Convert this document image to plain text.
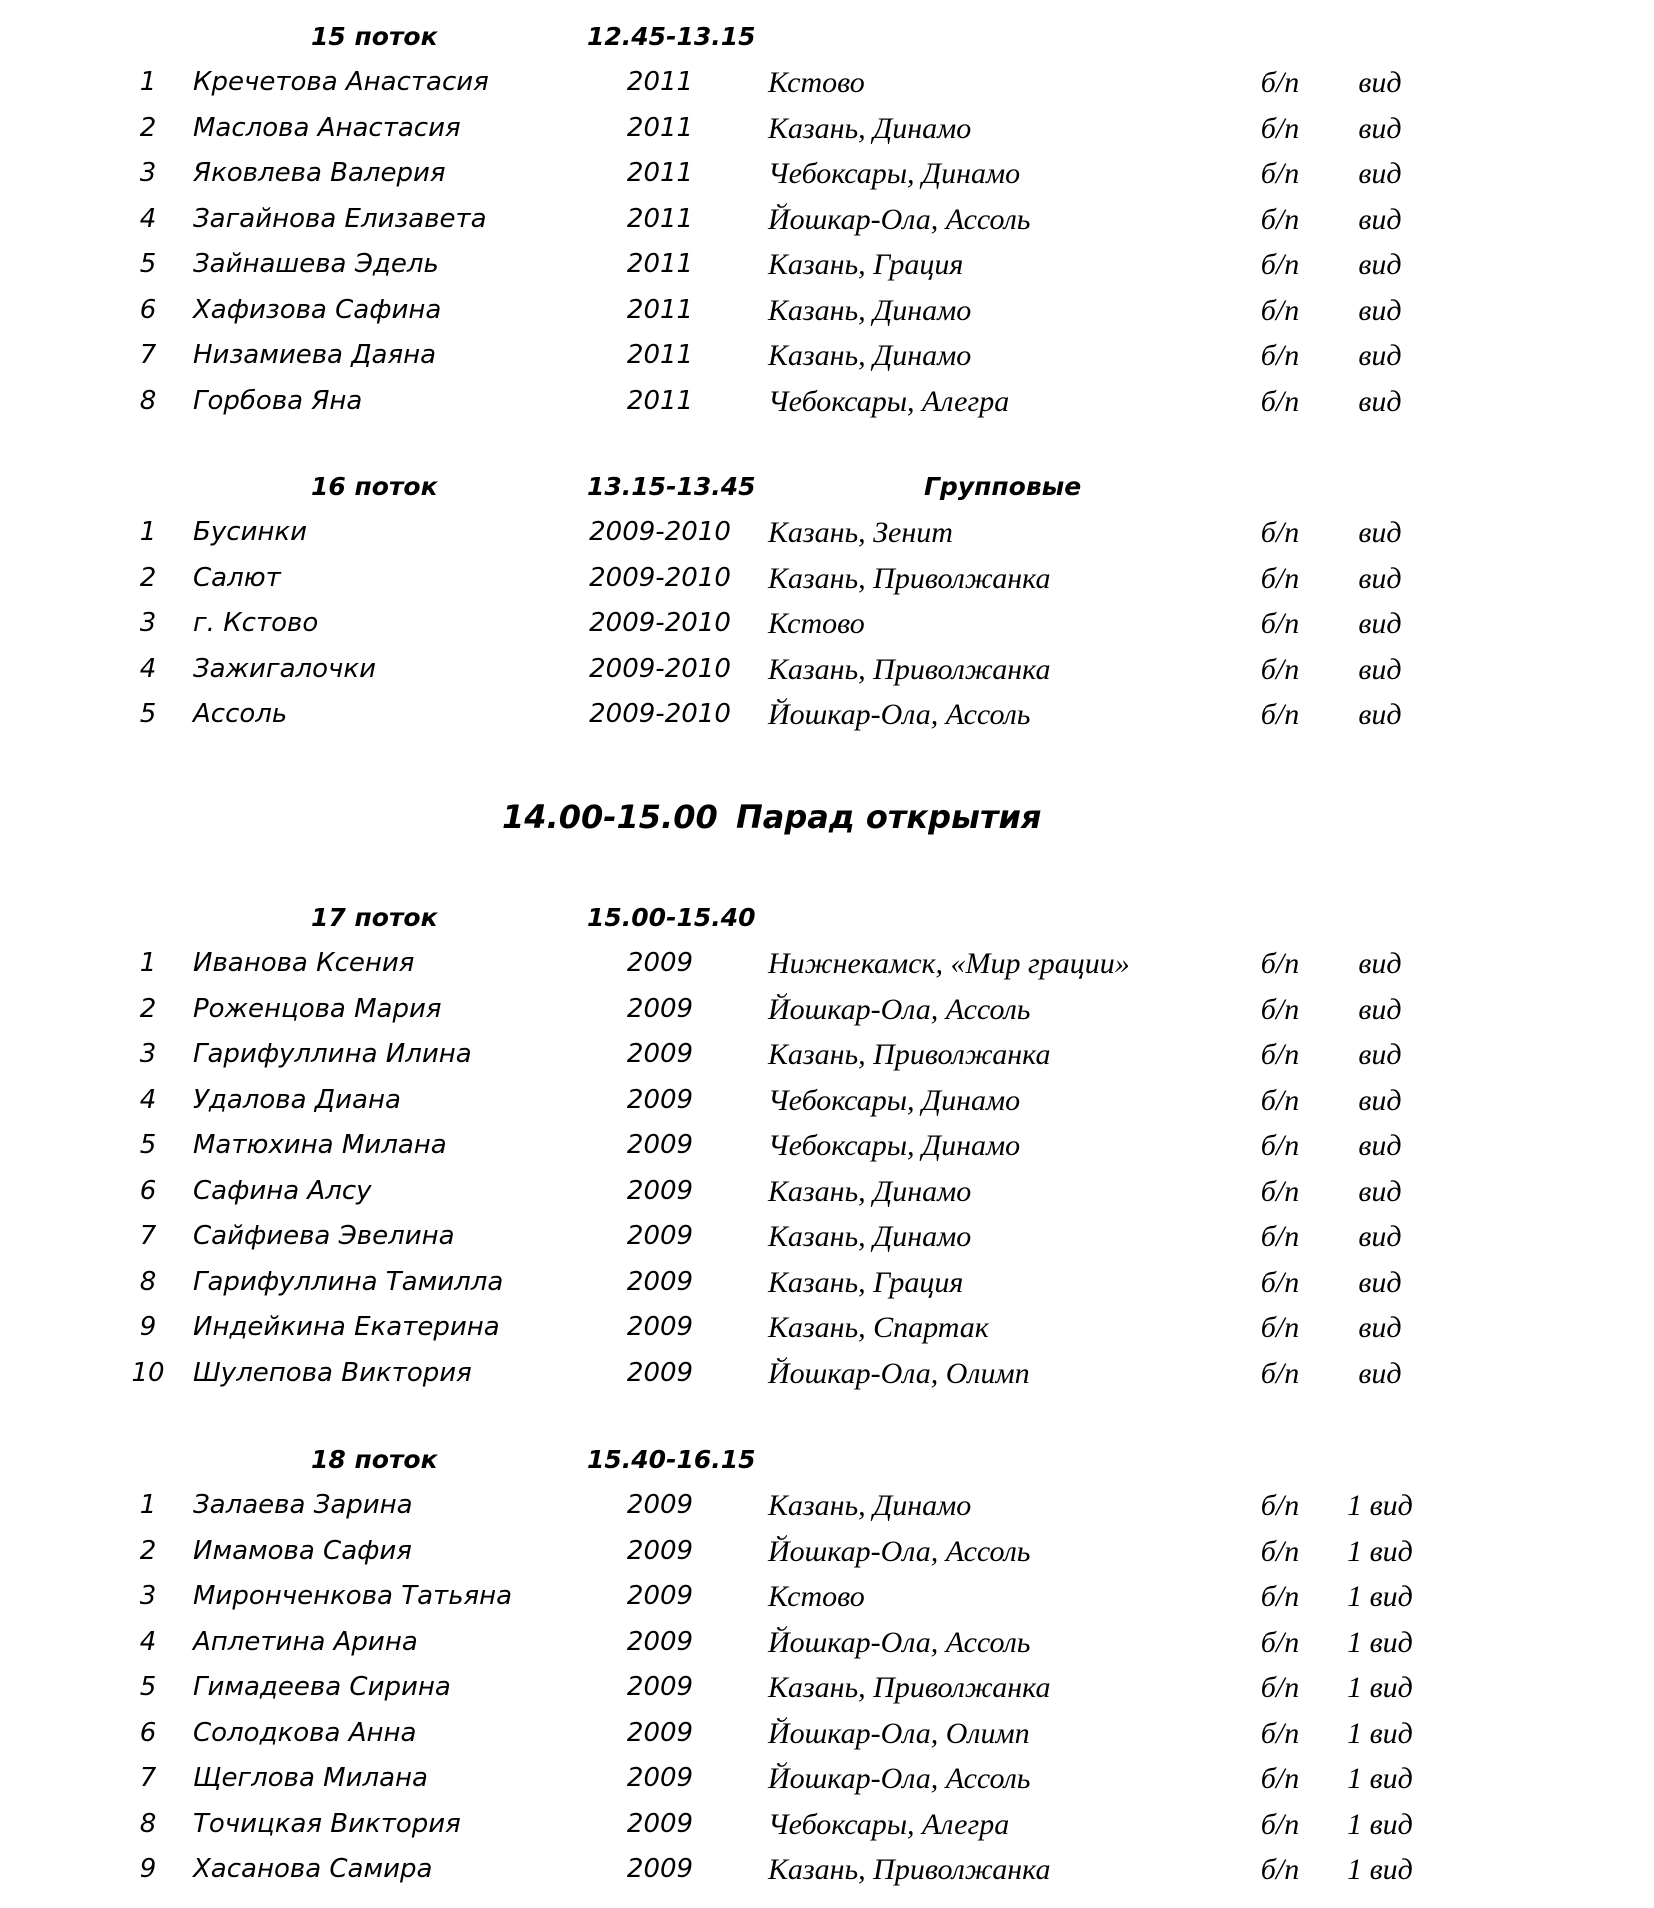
15 поток	12.45-13.15
1	Кречетова Анастасия	2011	Кстово	б/п	вид
2	Маслова Анастасия	2011	Казань, Динамо	б/п	вид
3	Яковлева Валерия	2011	Чебоксары, Динамо	б/п	вид
4	Загайнова Елизавета	2011	Йошкар-Ола, Ассоль	б/п	вид
5	Зайнашева Эдель	2011	Казань, Грация	б/п	вид
6	Хафизова Сафина	2011	Казань, Динамо	б/п	вид
7	Низамиева Даяна	2011	Казань, Динамо	б/п	вид
8	Горбова Яна	2011	Чебоксары, Алегра	б/п	вид
16 поток	13.15-13.45	Групповые
1	Бусинки	2009-2010	Казань, Зенит	б/п	вид
2	Салют	2009-2010	Казань, Приволжанка	б/п	вид
3	г. Кстово	2009-2010	Кстово	б/п	вид
4	Зажигалочки	2009-2010	Казань, Приволжанка	б/п	вид
5	Ассоль	2009-2010	Йошкар-Ола, Ассоль	б/п	вид
14.00-15.00 Парад открытия
17 поток	15.00-15.40
1	Иванова Ксения	2009	Нижнекамск, «Мир грации»	б/п	вид
2	Роженцова Мария	2009	Йошкар-Ола, Ассоль	б/п	вид
3	Гарифуллина Илина	2009	Казань, Приволжанка	б/п	вид
4	Удалова Диана	2009	Чебоксары, Динамо	б/п	вид
5	Матюхина Милана	2009	Чебоксары, Динамо	б/п	вид
6	Сафина Алсу	2009	Казань, Динамо	б/п	вид
7	Сайфиева Эвелина	2009	Казань, Динамо	б/п	вид
8	Гарифуллина Тамилла	2009	Казань, Грация	б/п	вид
9	Индейкина Екатерина	2009	Казань, Спартак	б/п	вид
10 Шулепова Виктория	2009	Йошкар-Ола, Олимп	б/п	вид
18 поток	15.40-16.15
1	Залаева Зарина	2009	Казань, Динамо	б/п	1 вид
2	Имамова Сафия	2009	Йошкар-Ола, Ассоль	б/п	1 вид
3	Миронченкова Татьяна	2009	Кстово	б/п	1 вид
4	Аплетина Арина	2009	Йошкар-Ола, Ассоль	б/п	1 вид
5	Гимадеева Сирина	2009	Казань, Приволжанка	б/п	1 вид
6	Солодкова Анна	2009	Йошкар-Ола, Олимп	б/п	1 вид
7	Щеглова Милана	2009	Йошкар-Ола, Ассоль	б/п	1 вид
8	Точицкая Виктория	2009	Чебоксары, Алегра	б/п	1 вид
9	Хасанова Самира	2009	Казань, Приволжанка	б/п	1 вид
